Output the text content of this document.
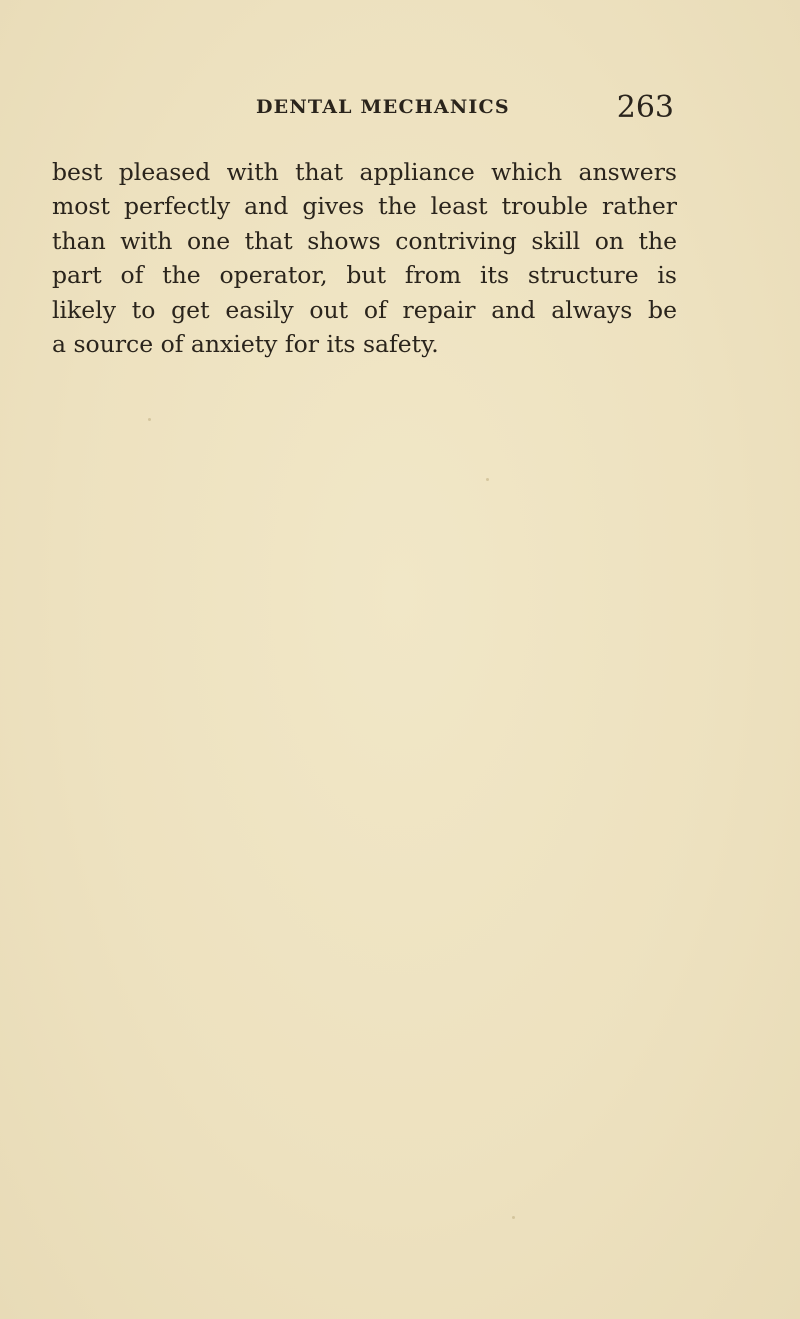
DENTAL MECHANICS	263
best pleased with that appliance which answers
most perfectly and gives the least trouble rather
than with one that shows contriving skill on the
part of the operator, but from its structure is
likely to get easily out of repair and always be
a source of anxiety for its safety.
